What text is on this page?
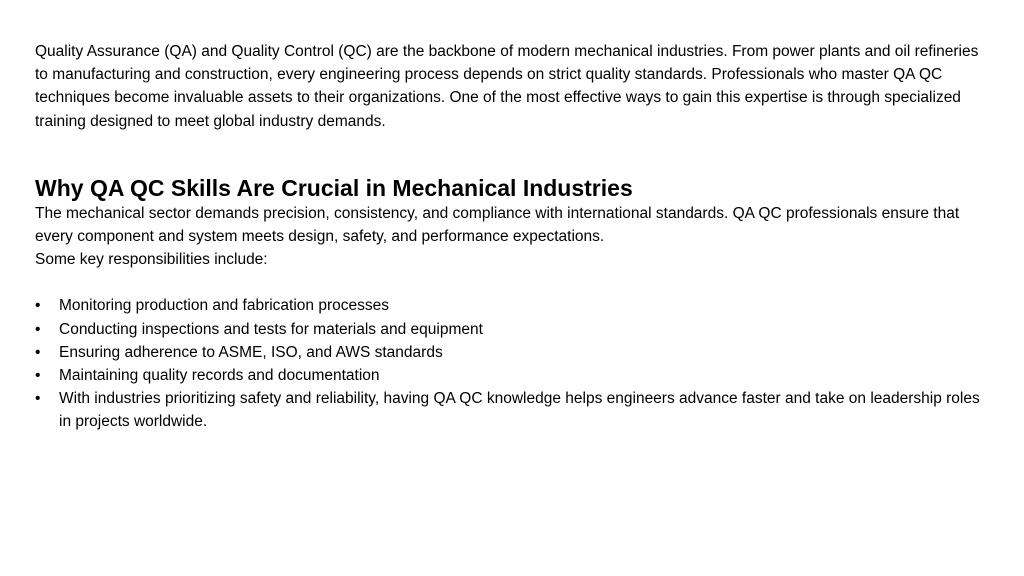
Quality Assurance (QA) and Quality Control (QC) are the backbone of modern mechanical industries. From power plants and oil refineries to manufacturing and construction, every engineering process depends on strict quality standards. Professionals who master QA QC techniques become invaluable assets to their organizations. One of the most effective ways to gain this expertise is through specialized training designed to meet global industry demands.

Why QA QC Skills Are Crucial in Mechanical Industries

The mechanical sector demands precision, consistency, and compliance with international standards. QA QC professionals ensure that every component and system meets design, safety, and performance expectations.

Some key responsibilities include:

• Monitoring production and fabrication processes
• Conducting inspections and tests for materials and equipment
• Ensuring adherence to ASME, ISO, and AWS standards
• Maintaining quality records and documentation
• With industries prioritizing safety and reliability, having QA QC knowledge helps engineers advance faster and take on leadership roles in projects worldwide.
